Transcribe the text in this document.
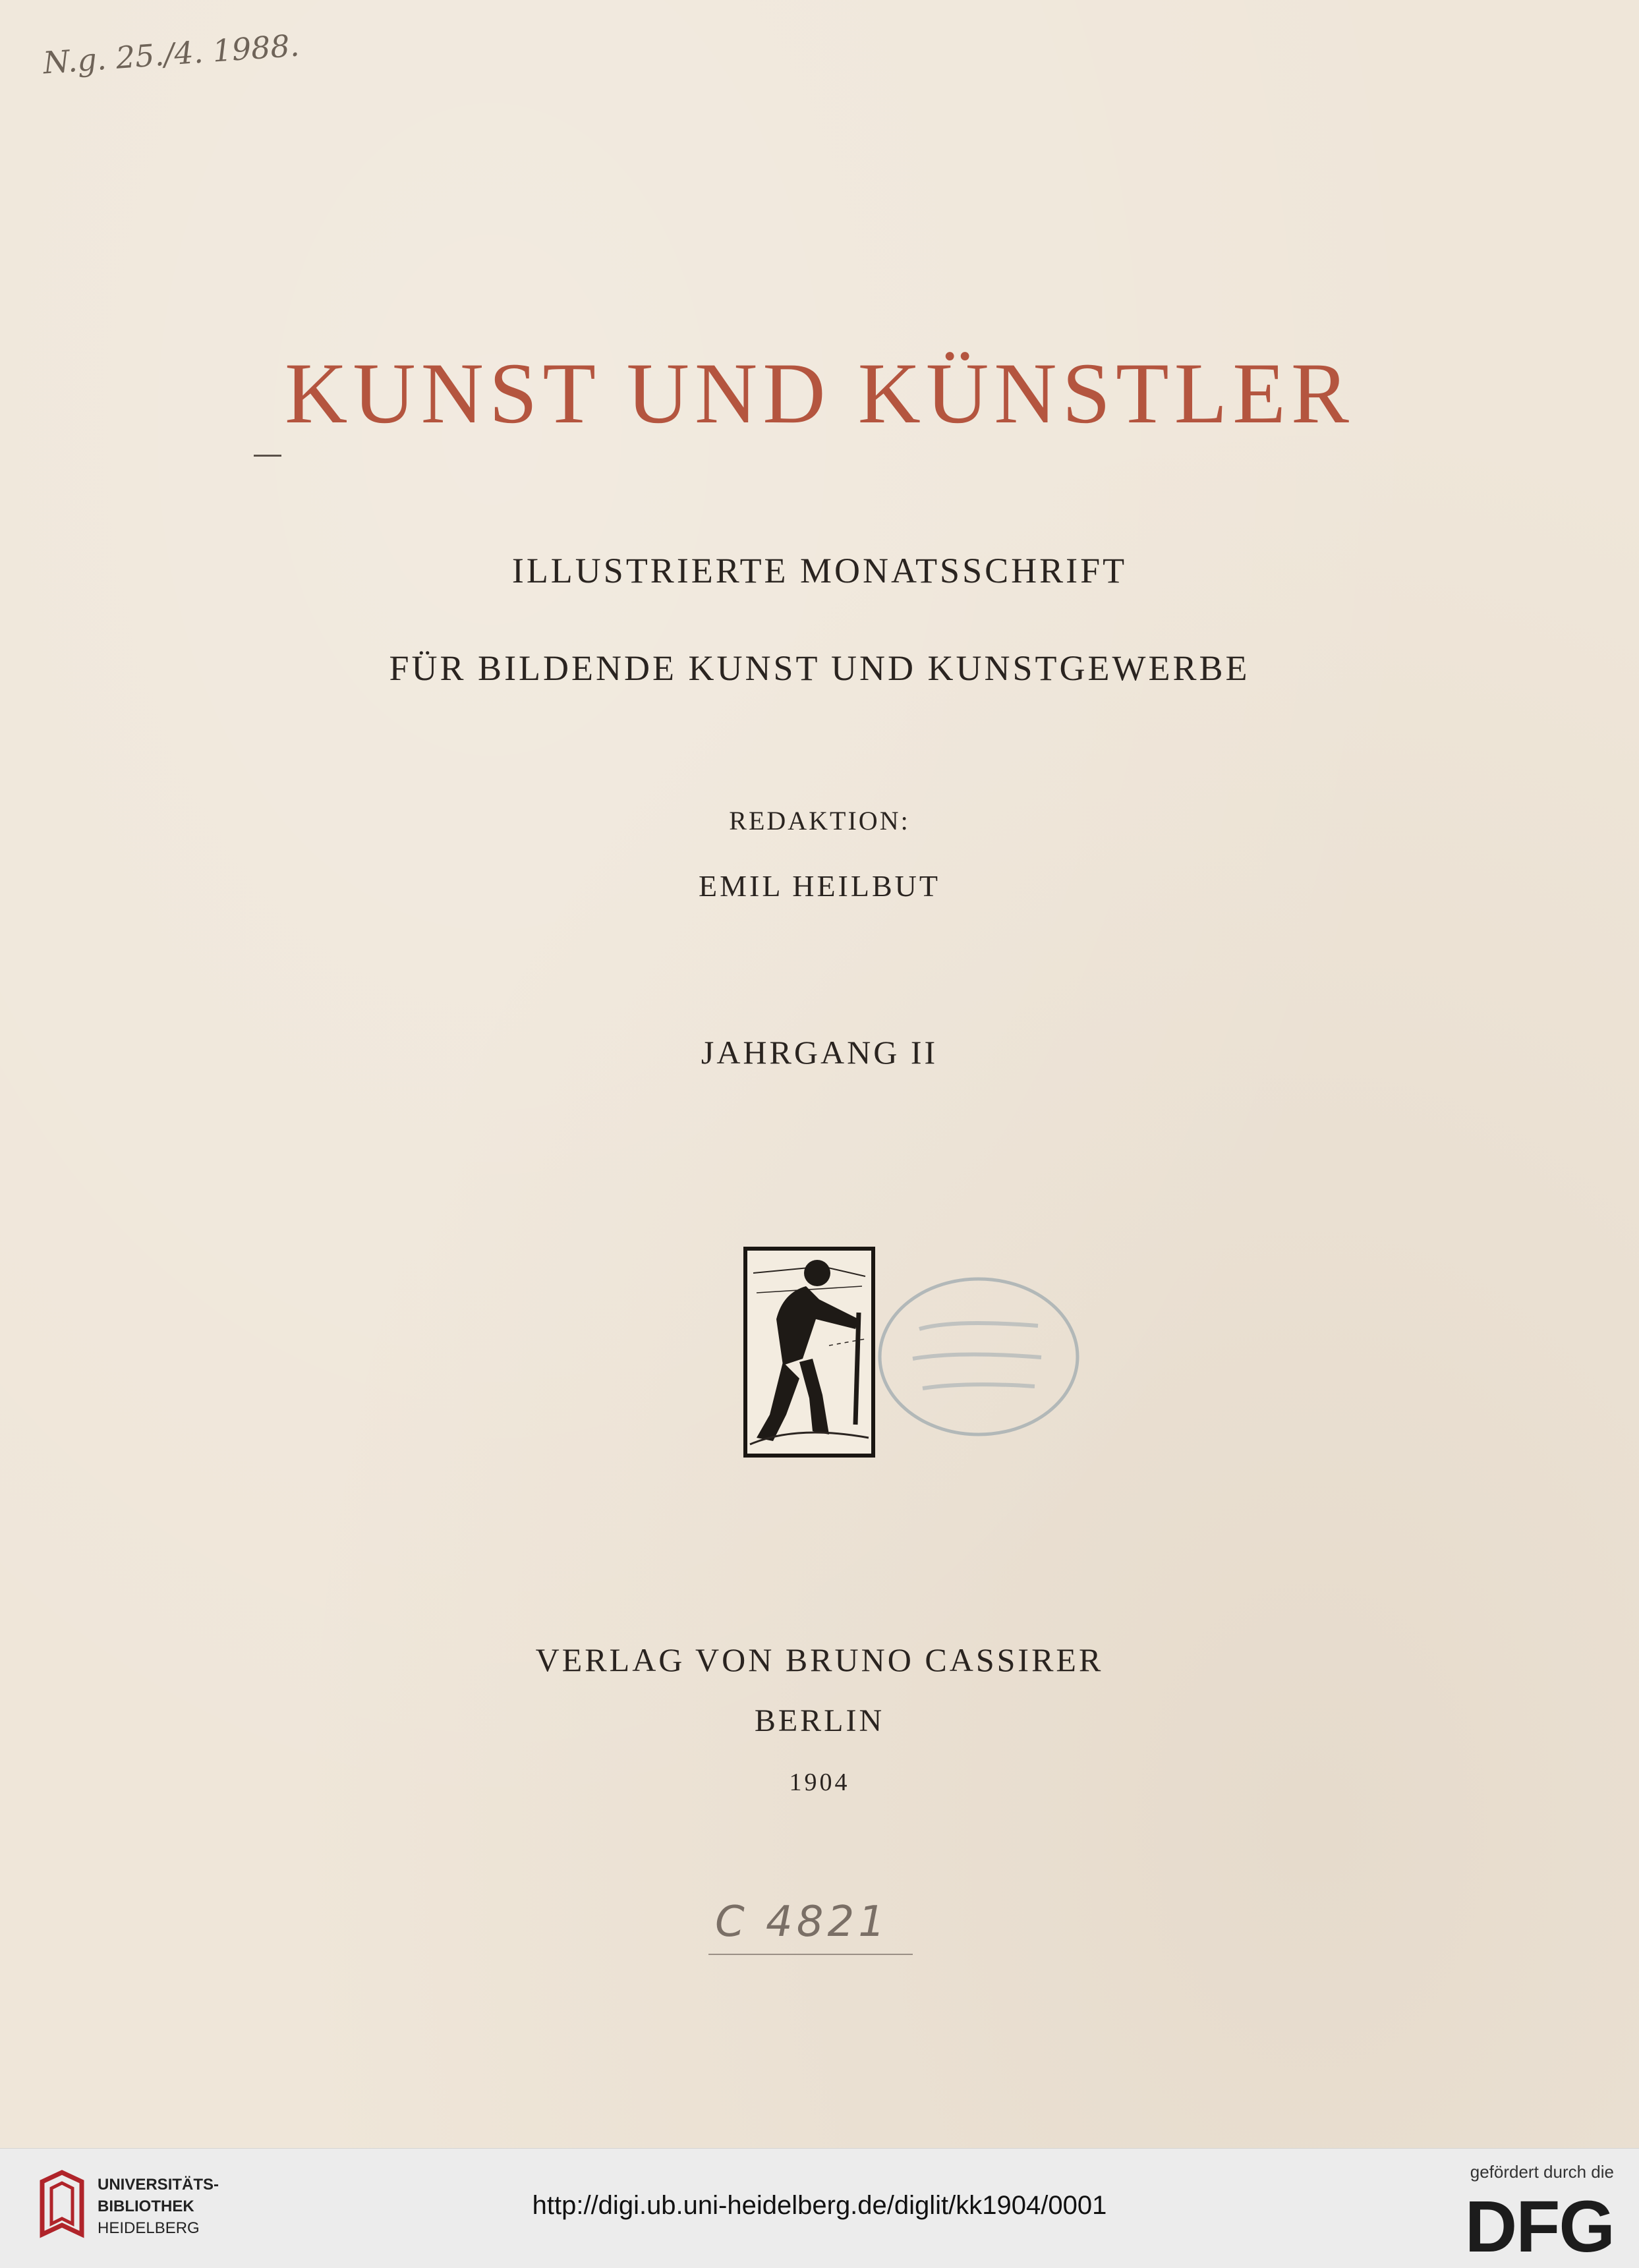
N.g. 25./4. 1988.
KUNST UND KÜNSTLER
ILLUSTRIERTE MONATSSCHRIFT
FÜR BILDENDE KUNST UND KUNSTGEWERBE
REDAKTION:
EMIL HEILBUT
JAHRGANG II
VERLAG VON BRUNO CASSIRER
BERLIN
1904
C 4821
UNIVERSITÄTS-
BIBLIOTHEK
HEIDELBERG
http://digi.ub.uni-heidelberg.de/diglit/kk1904/0001
gefördert durch die
DFG
